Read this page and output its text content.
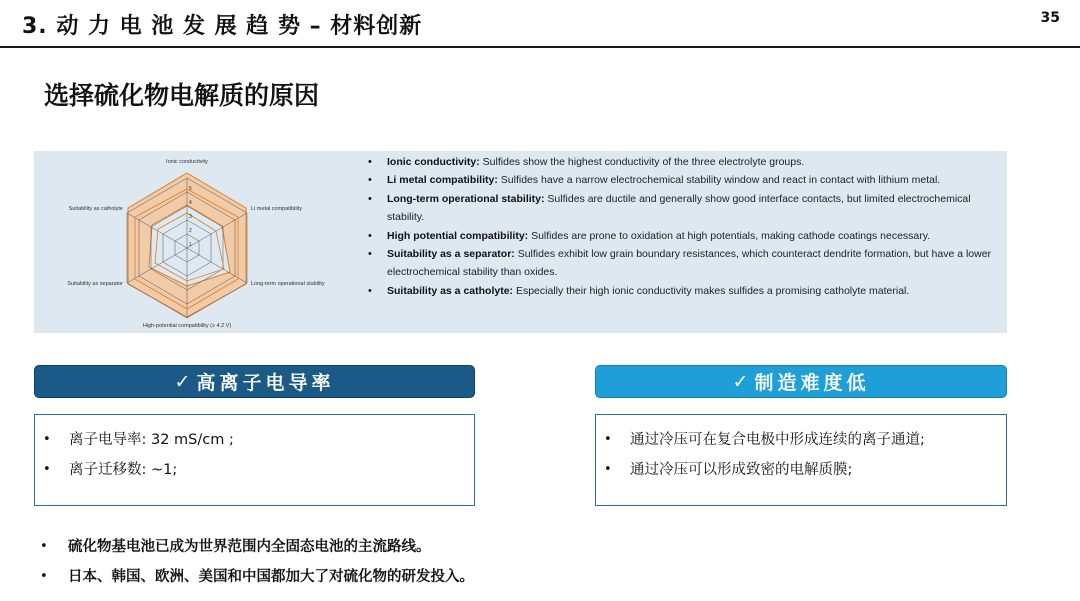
3. 动 力 电 池 发 展 趋 势 – 材料创新	35
选择硫化物电解质的原因
Ionic conductivity
Li metal compatibility
Long-term operational stability
High-potential compatibility (≥ 4.2 V)
Suitability as separator
Suitability as catholyte
1
2
3
4
5
• Ionic conductivity: Sulfides show the highest conductivity of the three electrolyte groups.
• Li metal compatibility: Sulfides have a narrow electrochemical stability window and react in contact with lithium metal.
• Long-term operational stability: Sulfides are ductile and generally show good interface contacts, but limited electrochemical stability.
• High potential compatibility: Sulfides are prone to oxidation at high potentials, making cathode coatings necessary.
• Suitability as a separator: Sulfides exhibit low grain boundary resistances, which counteract dendrite formation, but have a lower electrochemical stability than oxides.
• Suitability as a catholyte: Especially their high ionic conductivity makes sulfides a promising catholyte material.
✓ 高离子电导率
• 离子电导率: 32 mS/cm ;
• 离子迁移数: ~1;
✓ 制造难度低
• 通过冷压可在复合电极中形成连续的离子通道;
• 通过冷压可以形成致密的电解质膜;
• 硫化物基电池已成为世界范围内全固态电池的主流路线。
• 日本、韩国、欧洲、美国和中国都加大了对硫化物的研发投入。
